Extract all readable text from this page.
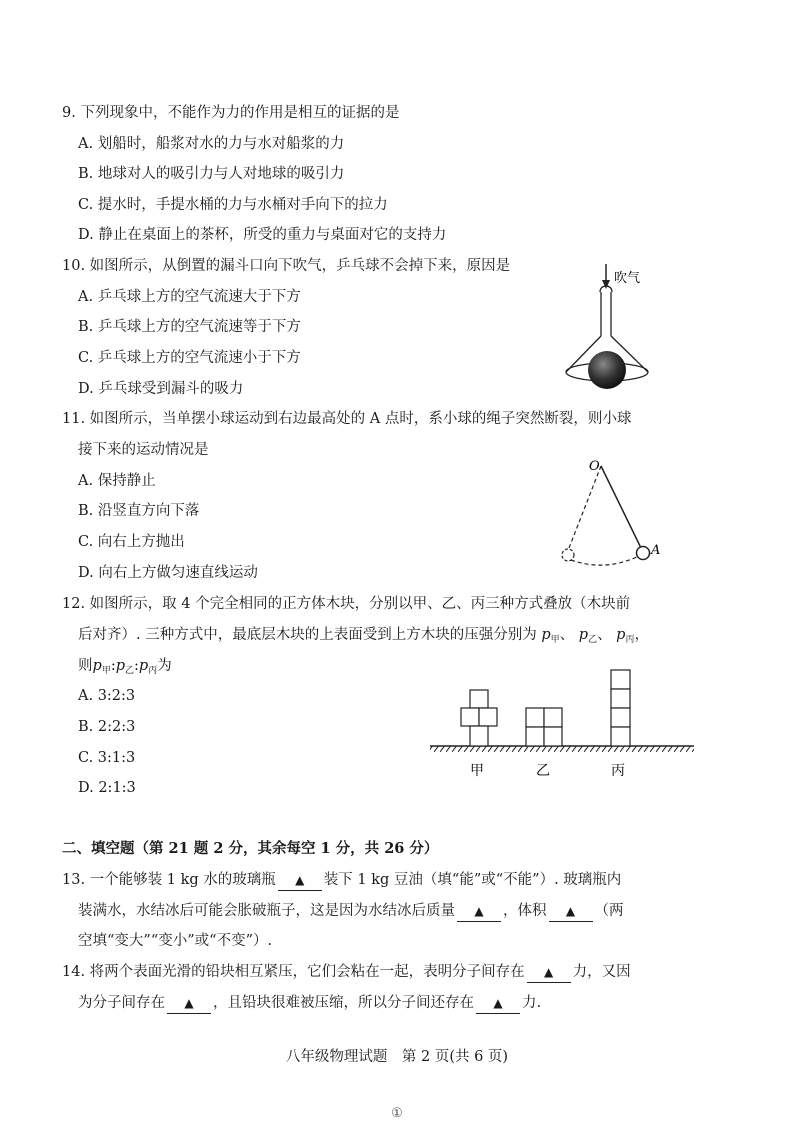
9. 下列现象中，不能作为力的作用是相互的证据的是
A. 划船时，船浆对水的力与水对船浆的力
B. 地球对人的吸引力与人对地球的吸引力
C. 提水时，手提水桶的力与水桶对手向下的拉力
D. 静止在桌面上的茶杯，所受的重力与桌面对它的支持力
10. 如图所示，从倒置的漏斗口向下吹气，乒乓球不会掉下来，原因是
A. 乒乓球上方的空气流速大于下方
B. 乒乓球上方的空气流速等于下方
C. 乒乓球上方的空气流速小于下方
D. 乒乓球受到漏斗的吸力
吹气
11. 如图所示，当单摆小球运动到右边最高处的 A 点时，系小球的绳子突然断裂，则小球
接下来的运动情况是
A. 保持静止
B. 沿竖直方向下落
C. 向右上方抛出
D. 向右上方做匀速直线运动
O
A
12. 如图所示，取 4 个完全相同的正方体木块，分别以甲、乙、丙三种方式叠放（木块前
后对齐）. 三种方式中，最底层木块的上表面受到上方木块的压强分别为 $p_甲$、 $p_乙$、 $p_丙$，
则$p_甲:p_乙:p_丙$为
A. 3:2:3
B. 2:2:3
C. 3:1:3
D. 2:1:3
甲	乙	丙
二、填空题（第 21 题 2 分，其余每空 1 分，共 26 分）
13. 一个能够装 1 kg 水的玻璃瓶 ▲ 装下 1 kg 豆油（填“能”或“不能”）. 玻璃瓶内
装满水，水结冰后可能会胀破瓶子，这是因为水结冰后质量 ▲ ，体积 ▲ （两
空填“变大”“变小”或“不变”）.
14. 将两个表面光滑的铅块相互紧压，它们会粘在一起，表明分子间存在 ▲ 力，又因
为分子间存在 ▲ ，且铅块很难被压缩，所以分子间还存在 ▲ 力.
八年级物理试题　第 2 页(共 6 页)
①
